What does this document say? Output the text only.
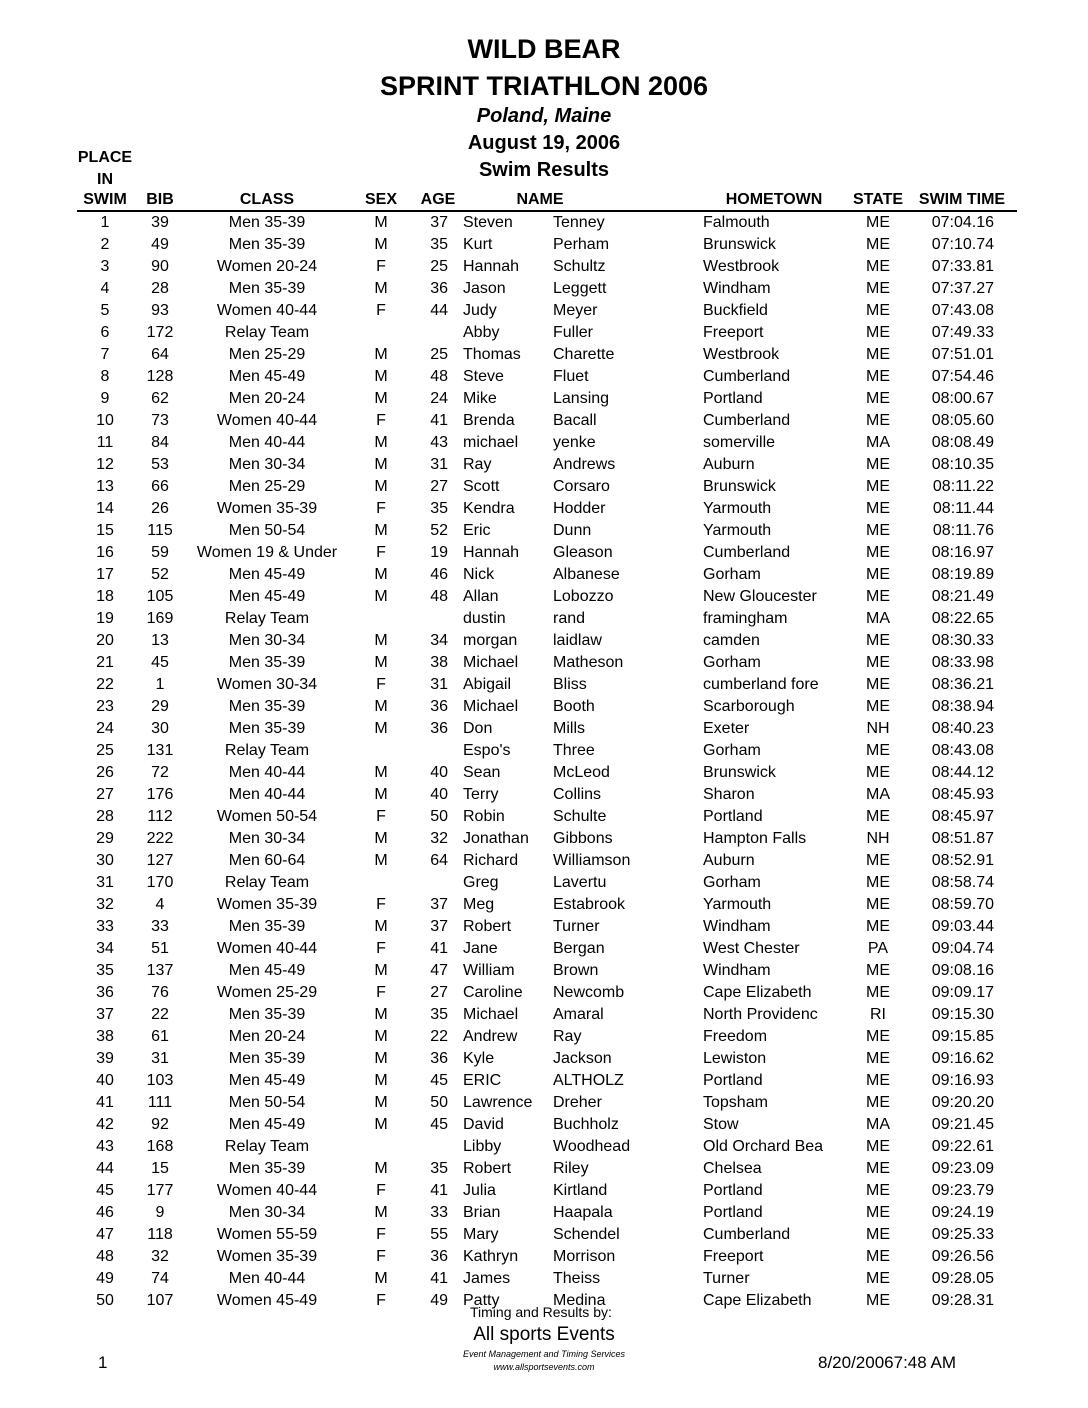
WILD BEAR
SPRINT TRIATHLON 2006
Poland, Maine
August 19, 2006
Swim Results
PLACE
IN
SWIM	BIB	CLASS	SEX AGE	NAME	HOMETOWN	STATE SWIM TIME
1	39	Men 35-39	M	37 Steven	Tenney	Falmouth	ME	07:04.16
2	49	Men 35-39	M	35 Kurt	Perham	Brunswick	ME	07:10.74
3	90	Women 20-24	F	25 Hannah Schultz	Westbrook	ME	07:33.81
4	28	Men 35-39	M	36 Jason	Leggett	Windham	ME	07:37.27
5	93	Women 40-44	F	44 Judy	Meyer	Buckfield	ME	07:43.08
6	172	Relay Team	Abby	Fuller	Freeport	ME	07:49.33
7	64	Men 25-29	M	25 Thomas Charette	Westbrook	ME	07:51.01
8	128	Men 45-49	M	48 Steve	Fluet	Cumberland	ME	07:54.46
9	62	Men 20-24	M	24 Mike	Lansing	Portland	ME	08:00.67
10	73	Women 40-44	F	41 Brenda Bacall	Cumberland	ME	08:05.60
11	84	Men 40-44	M	43 michael yenke	somerville	MA	08:08.49
12	53	Men 30-34	M	31 Ray	Andrews	Auburn	ME	08:10.35
13	66	Men 25-29	M	27 Scott	Corsaro	Brunswick	ME	08:11.22
14	26	Women 35-39	F	35 Kendra Hodder	Yarmouth	ME	08:11.44
15	115	Men 50-54	M	52 Eric	Dunn	Yarmouth	ME	08:11.76
16	59	Women 19 & Under	F	19 Hannah Gleason	Cumberland	ME	08:16.97
17	52	Men 45-49	M	46 Nick	Albanese	Gorham	ME	08:19.89
18	105	Men 45-49	M	48 Allan	Lobozzo	New Gloucester	ME	08:21.49
19	169	Relay Team	dustin	rand	framingham	MA	08:22.65
20	13	Men 30-34	M	34 morgan laidlaw	camden	ME	08:30.33
21	45	Men 35-39	M	38 Michael Matheson	Gorham	ME	08:33.98
22	1	Women 30-34	F	31 Abigail	Bliss	cumberland fore	ME	08:36.21
23	29	Men 35-39	M	36 Michael Booth	Scarborough	ME	08:38.94
24	30	Men 35-39	M	36 Don	Mills	Exeter	NH	08:40.23
25	131	Relay Team	Espo's	Three	Gorham	ME	08:43.08
26	72	Men 40-44	M	40 Sean	McLeod	Brunswick	ME	08:44.12
27	176	Men 40-44	M	40 Terry	Collins	Sharon	MA	08:45.93
28	112	Women 50-54	F	50 Robin	Schulte	Portland	ME	08:45.97
29	222	Men 30-34	M	32 Jonathan Gibbons	Hampton Falls	NH	08:51.87
30	127	Men 60-64	M	64 Richard Williamson	Auburn	ME	08:52.91
31	170	Relay Team	Greg	Lavertu	Gorham	ME	08:58.74
32	4	Women 35-39	F	37 Meg	Estabrook	Yarmouth	ME	08:59.70
33	33	Men 35-39	M	37 Robert	Turner	Windham	ME	09:03.44
34	51	Women 40-44	F	41 Jane	Bergan	West Chester	PA	09:04.74
35	137	Men 45-49	M	47 William Brown	Windham	ME	09:08.16
36	76	Women 25-29	F	27 Caroline Newcomb	Cape Elizabeth	ME	09:09.17
37	22	Men 35-39	M	35 Michael Amaral	North Providenc	RI	09:15.30
38	61	Men 20-24	M	22 Andrew Ray	Freedom	ME	09:15.85
39	31	Men 35-39	M	36 Kyle	Jackson	Lewiston	ME	09:16.62
40	103	Men 45-49	M	45 ERIC	ALTHOLZ	Portland	ME	09:16.93
41	111	Men 50-54	M	50 Lawrence Dreher	Topsham	ME	09:20.20
42	92	Men 45-49	M	45 David	Buchholz	Stow	MA	09:21.45
43	168	Relay Team	Libby	Woodhead	Old Orchard Bea	ME	09:22.61
44	15	Men 35-39	M	35 Robert	Riley	Chelsea	ME	09:23.09
45	177	Women 40-44	F	41 Julia	Kirtland	Portland	ME	09:23.79
46	9	Men 30-34	M	33 Brian	Haapala	Portland	ME	09:24.19
47	118	Women 55-59	F	55 Mary	Schendel	Cumberland	ME	09:25.33
48	32	Women 35-39	F	36 Kathryn Morrison	Freeport	ME	09:26.56
49	74	Men 40-44	M	41 James	Theiss	Turner	ME	09:28.05
50	107	Women 45-49	F	49 Patty	Medina	Cape Elizabeth	ME	09:28.31
Timing and Results by:
All sports Events
Event Management and Timing Services
www.allsportsevents.com
1	8/20/20067:48 AM
